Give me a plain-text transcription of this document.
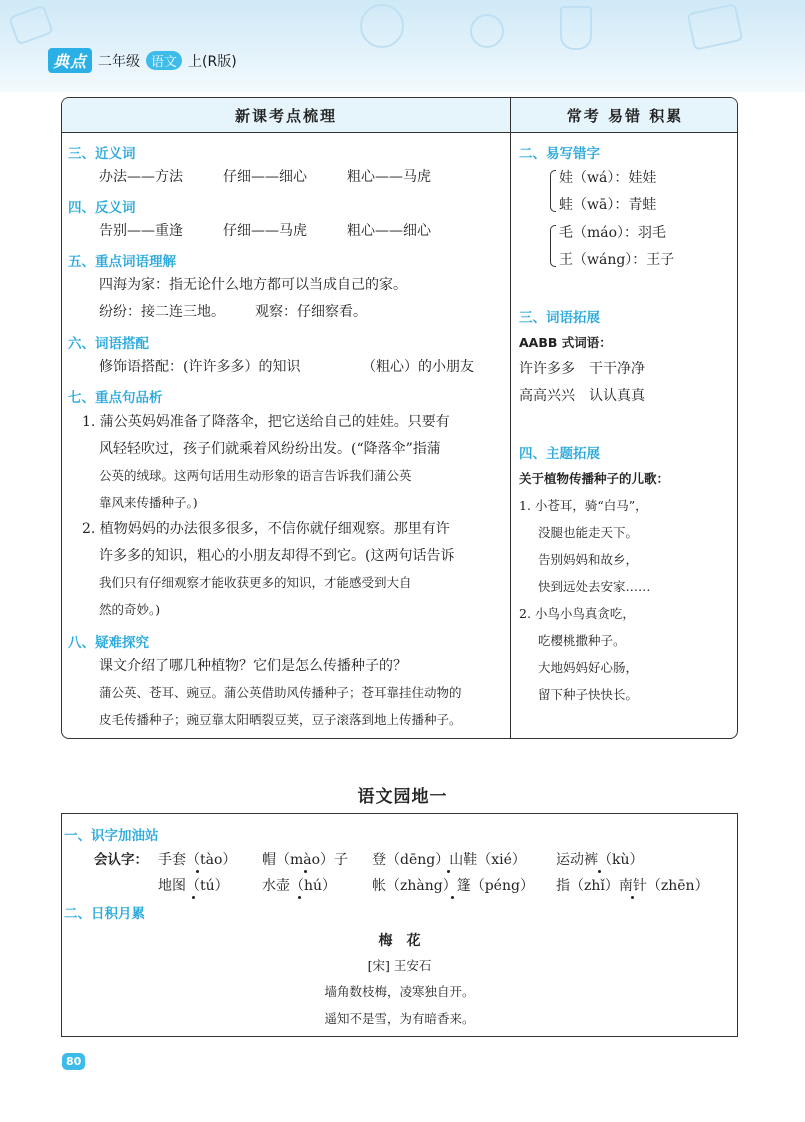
典点 二年级 语文 上(R版)
新课考点梳理	常考 易错 积累
三、近义词
办法——方法	仔细——细心	粗心——马虎
四、反义词
告别——重逢	仔细——马虎	粗心——细心
五、重点词语理解
四海为家：指无论什么地方都可以当成自己的家。
纷纷：接二连三地。 观察：仔细察看。
六、词语搭配
修饰语搭配：(许许多多）的知识	（粗心）的小朋友
七、重点句品析
1. 蒲公英妈妈准备了降落伞，把它送给自己的娃娃。只要有
风轻轻吹过，孩子们就乘着风纷纷出发。(“降落伞”指蒲
公英的绒球。这两句话用生动形象的语言告诉我们蒲公英
靠风来传播种子。)
2. 植物妈妈的办法很多很多，不信你就仔细观察。那里有许
许多多的知识，粗心的小朋友却得不到它。(这两句话告诉
我们只有仔细观察才能收获更多的知识，才能感受到大自
然的奇妙。)
八、疑难探究
课文介绍了哪几种植物？它们是怎么传播种子的？
蒲公英、苍耳、豌豆。蒲公英借助风传播种子；苍耳靠挂住动物的
皮毛传播种子；豌豆靠太阳晒裂豆荚，豆子滚落到地上传播种子。
二、易写错字
娃（wá）：娃娃
蛙（wā）：青蛙
毛（máo）：羽毛
王（wáng）：王子
三、词语拓展
AABB 式词语：
许许多多　干干净净
高高兴兴　认认真真
四、主题拓展
关于植物传播种子的儿歌：
1. 小苍耳，骑“白马”，
没腿也能走天下。
告别妈妈和故乡，
快到远处去安家……
2. 小鸟小鸟真贪吃，
吃樱桃撒种子。
大地妈妈好心肠，
留下种子快快长。
语文园地一
一、识字加油站
会认字： 手套（tào） 帽（mào）子 登（dēng）山鞋（xié） 运动裤（kù）
地图（tú） 水壶（hú）	帐（zhàng）篷（péng） 指（zhǐ）南针（zhēn）
二、日积月累
梅　花
[宋] 王安石
墙角数枝梅，凌寒独自开。
遥知不是雪，为有暗香来。
80
